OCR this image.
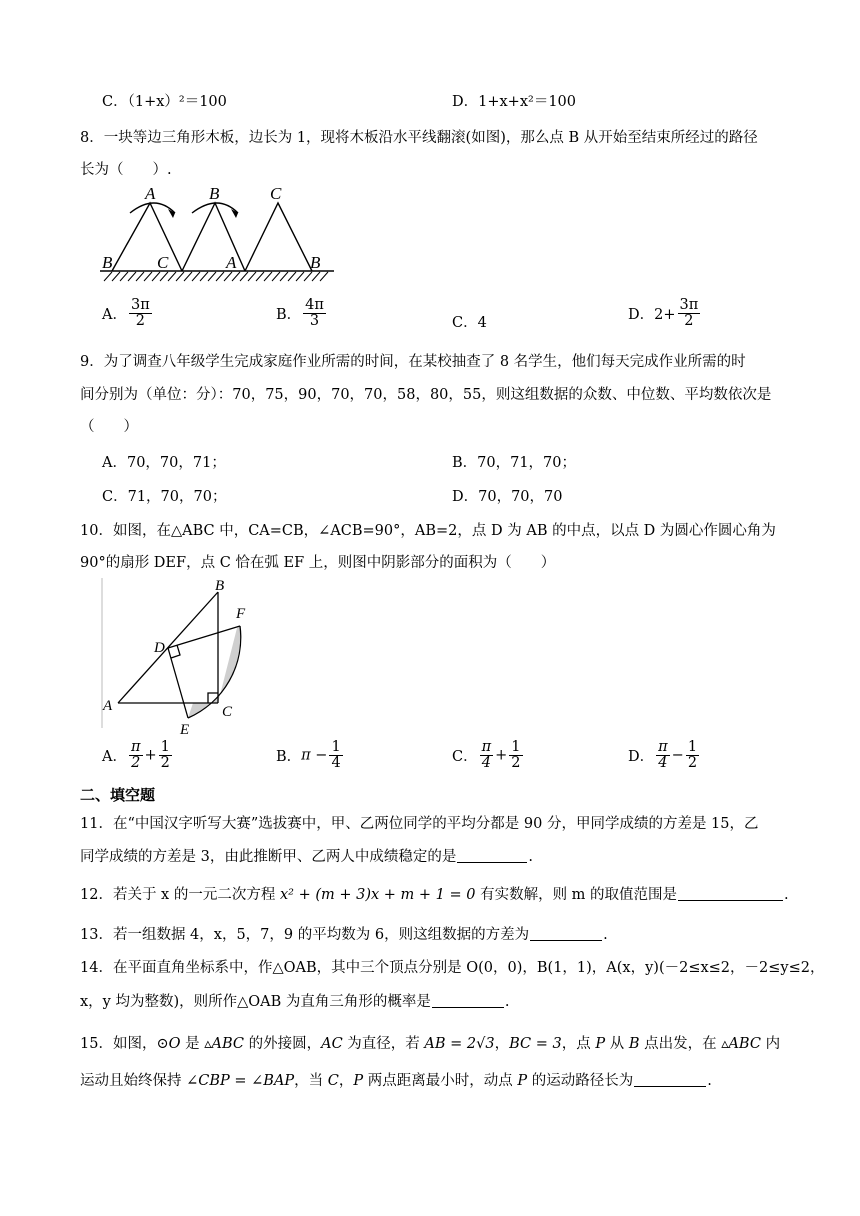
C．（1+x）²＝100	D．1+x+x²＝100
8．一块等边三角形木板，边长为 1，现将木板沿水平线翻滚(如图)，那么点 B 从开始至结束所经过的路径
长为（　　）.
A	B	C
B	C	A	B
A． $\frac{3\pi}{2}$	B． $\frac{4\pi}{3}$	C．4	D．$2+ \frac{3\pi}{2}$
9．为了调查八年级学生完成家庭作业所需的时间，在某校抽查了 8 名学生，他们每天完成作业所需的时
间分别为（单位：分）：70，75，90，70，70，58，80，55，则这组数据的众数、中位数、平均数依次是
（　　）
A．70，70，71；	B．70，71，70；
C．71，70，70；	D．70，70，70
10．如图，在△ABC 中，CA=CB，∠ACB=90°，AB=2，点 D 为 AB 的中点，以点 D 为圆心作圆心角为
90°的扇形 DEF，点 C 恰在弧 EF 上，则图中阴影部分的面积为（　　）
B
F
D
A	C
E
A． $\frac{\pi}{2} + \frac{1}{2}$	B．$\pi - \frac{1}{4}$	C． $\frac{\pi}{4} + \frac{1}{2}$	D． $\frac{\pi}{4} - \frac{1}{2}$
二、填空题
11．在“中国汉字听写大赛”选拔赛中，甲、乙两位同学的平均分都是 90 分，甲同学成绩的方差是 15，乙
同学成绩的方差是 3，由此推断甲、乙两人中成绩稳定的是	.
12．若关于 x 的一元二次方程 x² + (m + 3)x + m + 1 = 0 有实数解，则 m 的取值范围是	.
13．若一组数据 4，x，5，7，9 的平均数为 6，则这组数据的方差为	.
14．在平面直角坐标系中，作△OAB，其中三个顶点分别是 O(0，0)，B(1，1)，A(x，y)(－2≤x≤2，－2≤y≤2，
x，y 均为整数)，则所作△OAB 为直角三角形的概率是	.
15．如图，⊙O 是 ▵ABC 的外接圆，AC 为直径，若 AB = 2√3，BC = 3，点 P 从 B 点出发，在 ▵ABC 内
运动且始终保持 ∠CBP = ∠BAP，当 C，P 两点距离最小时，动点 P 的运动路径长为	.
